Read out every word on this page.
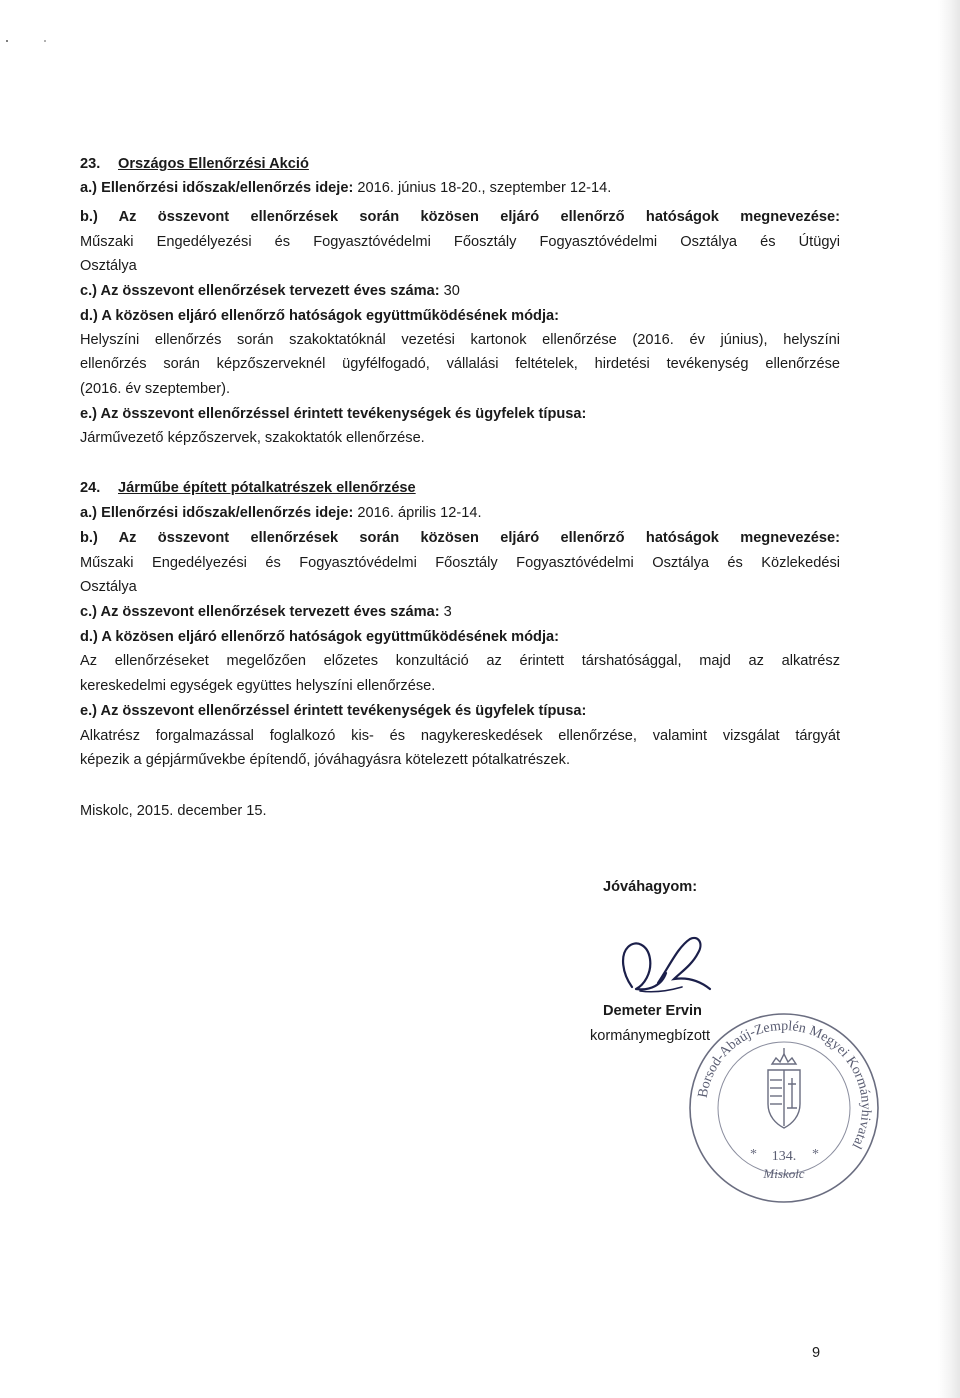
23. Országos Ellenőrzési Akció
a.) Ellenőrzési időszak/ellenőrzés ideje: 2016. június 18-20., szeptember 12-14.
b.) Az összevont ellenőrzések során közösen eljáró ellenőrző hatóságok megnevezése:
Műszaki Engedélyezési és Fogyasztóvédelmi Főosztály Fogyasztóvédelmi Osztálya és Útügyi
Osztálya
c.) Az összevont ellenőrzések tervezett éves száma: 30
d.) A közösen eljáró ellenőrző hatóságok együttműködésének módja:
Helyszíni ellenőrzés során szakoktatóknál vezetési kartonok ellenőrzése (2016. év június), helyszíni
ellenőrzés során képzőszerveknél ügyfélfogadó, vállalási feltételek, hirdetési tevékenység ellenőrzése
(2016. év szeptember).
e.) Az összevont ellenőrzéssel érintett tevékenységek és ügyfelek típusa:
Járművezető képzőszervek, szakoktatók ellenőrzése.
24. Járműbe épített pótalkatrészek ellenőrzése
a.) Ellenőrzési időszak/ellenőrzés ideje: 2016. április 12-14.
b.) Az összevont ellenőrzések során közösen eljáró ellenőrző hatóságok megnevezése:
Műszaki Engedélyezési és Fogyasztóvédelmi Főosztály Fogyasztóvédelmi Osztálya és Közlekedési
Osztálya
c.) Az összevont ellenőrzések tervezett éves száma: 3
d.) A közösen eljáró ellenőrző hatóságok együttműködésének módja:
Az ellenőrzéseket megelőzően előzetes konzultáció az érintett társhatósággal, majd az alkatrész
kereskedelmi egységek együttes helyszíni ellenőrzése.
e.) Az összevont ellenőrzéssel érintett tevékenységek és ügyfelek típusa:
Alkatrész forgalmazással foglalkozó kis- és nagykereskedések ellenőrzése, valamint vizsgálat tárgyát
képezik a gépjárművekbe építendő, jóváhagyásra kötelezett pótalkatrészek.
Miskolc, 2015. december 15.
Jóváhagyom:
Demeter Ervin
kormánymegbízott
Borsod-Abaúj-Zemplén Megyei Kormányhivatal
*	*
134.
Miskolc
9
